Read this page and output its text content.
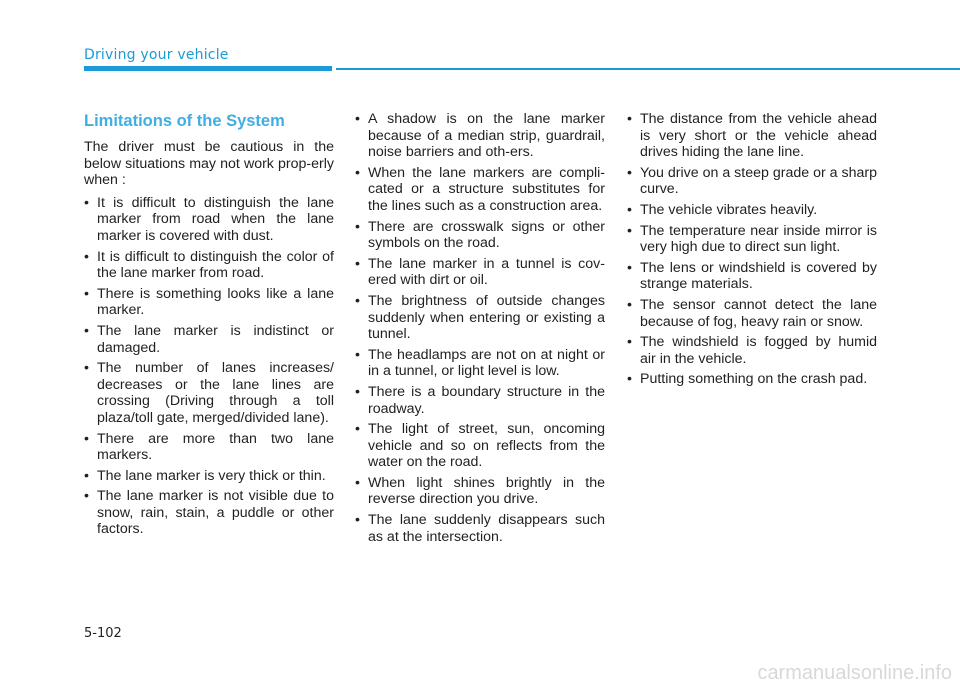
Driving your vehicle
Limitations of the System

The driver must be cautious in the below situations may not work prop-erly when :

• It is difficult to distinguish the lane marker from road when the lane marker is covered with dust.
• It is difficult to distinguish the color of the lane marker from road.
• There is something looks like a lane marker.
• The lane marker is indistinct or damaged.
• The number of lanes increases/ decreases or the lane lines are crossing (Driving through a toll plaza/toll gate, merged/divided lane).
• There are more than two lane markers.
• The lane marker is very thick or thin.
• The lane marker is not visible due to snow, rain, stain, a puddle or other factors.
• A shadow is on the lane marker because of a median strip, guardrail, noise barriers and oth-ers.
• When the lane markers are compli-cated or a structure substitutes for the lines such as a construction area.
• There are crosswalk signs or other symbols on the road.
• The lane marker in a tunnel is cov-ered with dirt or oil.
• The brightness of outside changes suddenly when entering or existing a tunnel.
• The headlamps are not on at night or in a tunnel, or light level is low.
• There is a boundary structure in the roadway.
• The light of street, sun, oncoming vehicle and so on reflects from the water on the road.
• When light shines brightly in the reverse direction you drive.
• The lane suddenly disappears such as at the intersection.
• The distance from the vehicle ahead is very short or the vehicle ahead drives hiding the lane line.
• You drive on a steep grade or a sharp curve.
• The vehicle vibrates heavily.
• The temperature near inside mirror is very high due to direct sun light.
• The lens or windshield is covered by strange materials.
• The sensor cannot detect the lane because of fog, heavy rain or snow.
• The windshield is fogged by humid air in the vehicle.
• Putting something on the crash pad.
5-102
carmanualsonline.info
